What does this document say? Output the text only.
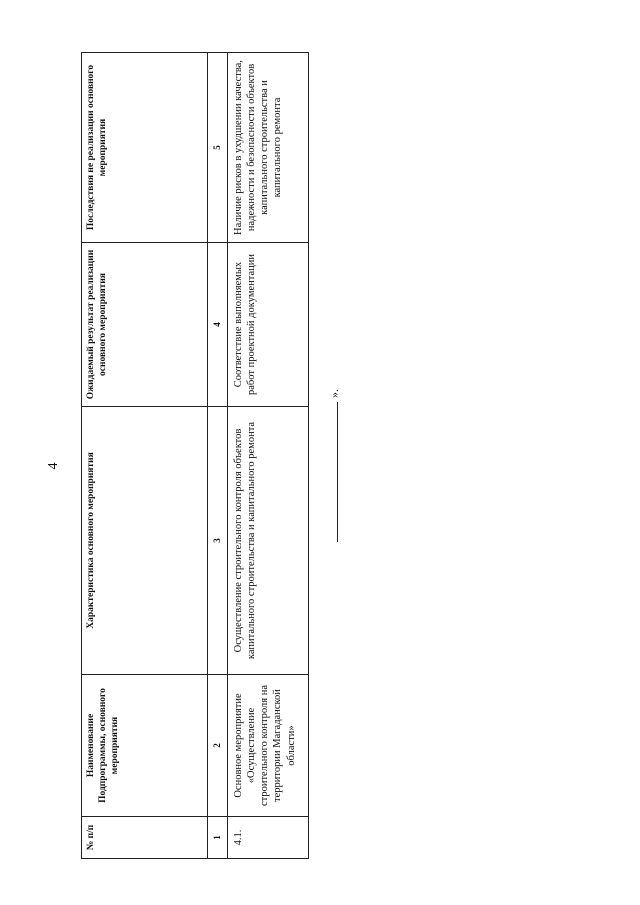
4
№ п/п	Наименование Подпрограммы, основного мероприятия	Характеристика основного мероприятия	Ожидаемый результат реализации основного мероприятия	Последствия не реализации основного мероприятия
1	2	3	4	5
4.1.	Основное мероприятие «Осуществление строительного контроля на территории Магаданской области»	Осуществление строительного контроля объектов капитального строительства и капитального ремонта	Соответствие выполняемых работ проектной документации	Наличие рисков в ухудшении качества, надежности и безопасности объектов капитального строительства и капитального ремонта
».
